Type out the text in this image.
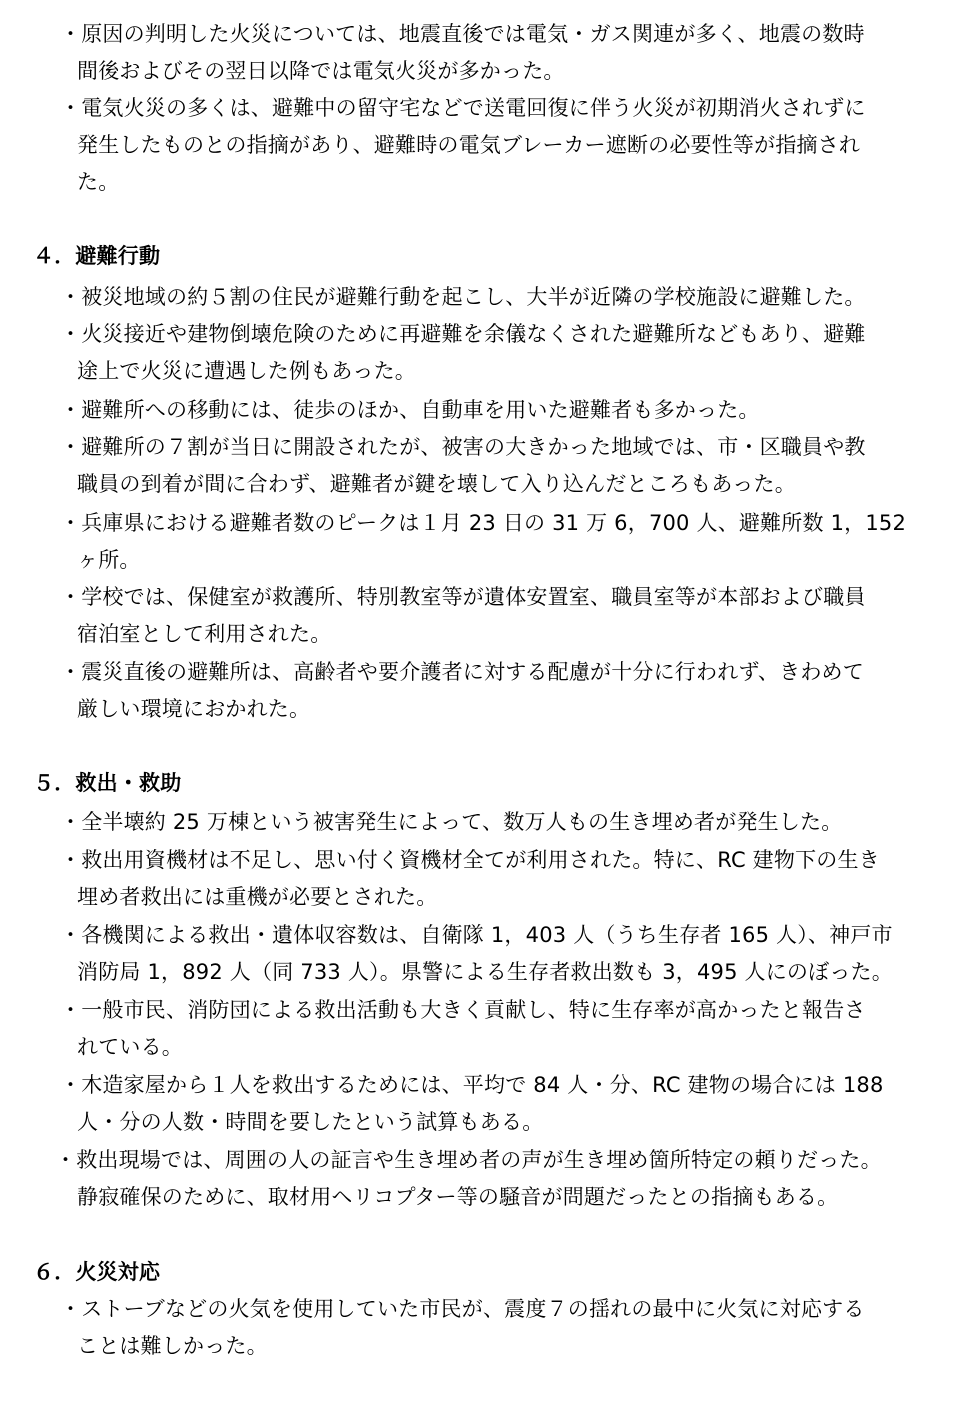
・原因の判明した火災については、地震直後では電気・ガス関連が多く、地震の数時
間後およびその翌日以降では電気火災が多かった。
・電気火災の多くは、避難中の留守宅などで送電回復に伴う火災が初期消火されずに
発生したものとの指摘があり、避難時の電気ブレーカー遮断の必要性等が指摘され
た。
４．避難行動
・被災地域の約５割の住民が避難行動を起こし、大半が近隣の学校施設に避難した。
・火災接近や建物倒壊危険のために再避難を余儀なくされた避難所などもあり、避難
途上で火災に遭遇した例もあった。
・避難所への移動には、徒歩のほか、自動車を用いた避難者も多かった。
・避難所の７割が当日に開設されたが、被害の大きかった地域では、市・区職員や教
職員の到着が間に合わず、避難者が鍵を壊して入り込んだところもあった。
・兵庫県における避難者数のピークは１月 23 日の 31 万 6，700 人、避難所数 1，152
ヶ所。
・学校では、保健室が救護所、特別教室等が遺体安置室、職員室等が本部および職員
宿泊室として利用された。
・震災直後の避難所は、高齢者や要介護者に対する配慮が十分に行われず、きわめて
厳しい環境におかれた。
５．救出・救助
・全半壊約 25 万棟という被害発生によって、数万人もの生き埋め者が発生した。
・救出用資機材は不足し、思い付く資機材全てが利用された。特に、RC 建物下の生き
埋め者救出には重機が必要とされた。
・各機関による救出・遺体収容数は、自衛隊 1，403 人（うち生存者 165 人）、神戸市
消防局 1，892 人（同 733 人）。県警による生存者救出数も 3，495 人にのぼった。
・一般市民、消防団による救出活動も大きく貢献し、特に生存率が高かったと報告さ
れている。
・木造家屋から１人を救出するためには、平均で 84 人・分、RC 建物の場合には 188
人・分の人数・時間を要したという試算もある。
・救出現場では、周囲の人の証言や生き埋め者の声が生き埋め箇所特定の頼りだった。
静寂確保のために、取材用ヘリコプター等の騒音が問題だったとの指摘もある。
６．火災対応
・ストーブなどの火気を使用していた市民が、震度７の揺れの最中に火気に対応する
ことは難しかった。
